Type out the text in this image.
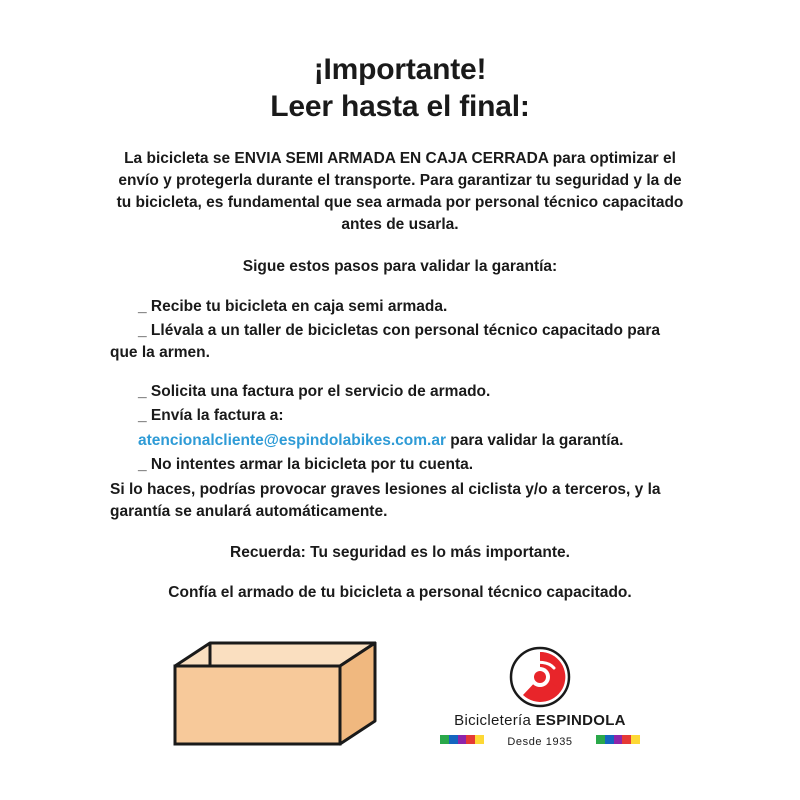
¡Importante!
Leer hasta el final:
La bicicleta se ENVIA SEMI ARMADA EN CAJA CERRADA para optimizar el envío y protegerla durante el transporte. Para garantizar tu seguridad y la de tu bicicleta, es fundamental que sea armada por personal técnico capacitado antes de usarla.
Sigue estos pasos para validar la garantía:
_ Recibe tu bicicleta en caja semi armada.
_ Llévala a un taller de bicicletas con personal técnico capacitado para que la armen.
_ Solicita una factura por el servicio de armado.
_ Envía la factura a:
atencionalcliente@espindolabikes.com.ar para validar la garantía.
_ No intentes armar la bicicleta por tu cuenta.
Si lo haces, podrías provocar graves lesiones al ciclista y/o a terceros, y la garantía se anulará automáticamente.
Recuerda: Tu seguridad es lo más importante.
Confía el armado de tu bicicleta a personal técnico capacitado.
Bicicletería ESPINDOLA
Desde 1935
